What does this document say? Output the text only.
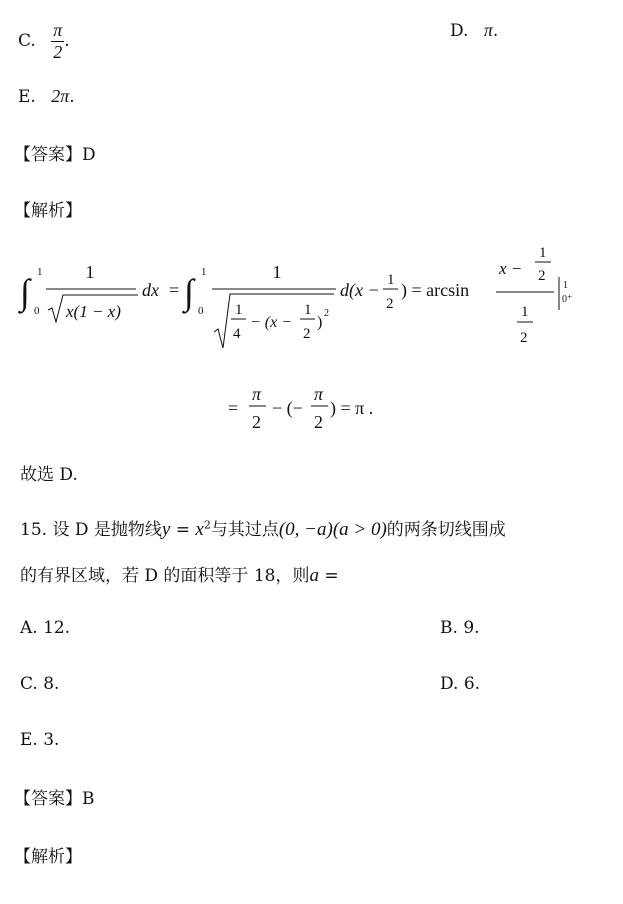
C. $\frac{\pi}{2}$ .	D. π.
E. 2π.
【答案】D
【解析】
∫ 1
0
1
x(1 − x)
dx = ∫ 1
0
1
1
4
− (x −
1
2
)
2
d(x − 1
2
) = arcsin
x −
1
2
1
2
1
0⁺
=
π
2
− (−
π
2
) = π .
故选 D.
15. 设 D 是抛物线$y = x^2$与其过点(0, −a)(a > 0)的两条切线围成
的有界区域，若 D 的面积等于 18，则a =
A. 12.	B. 9.
C. 8.	D. 6.
E. 3.
【答案】B
【解析】
